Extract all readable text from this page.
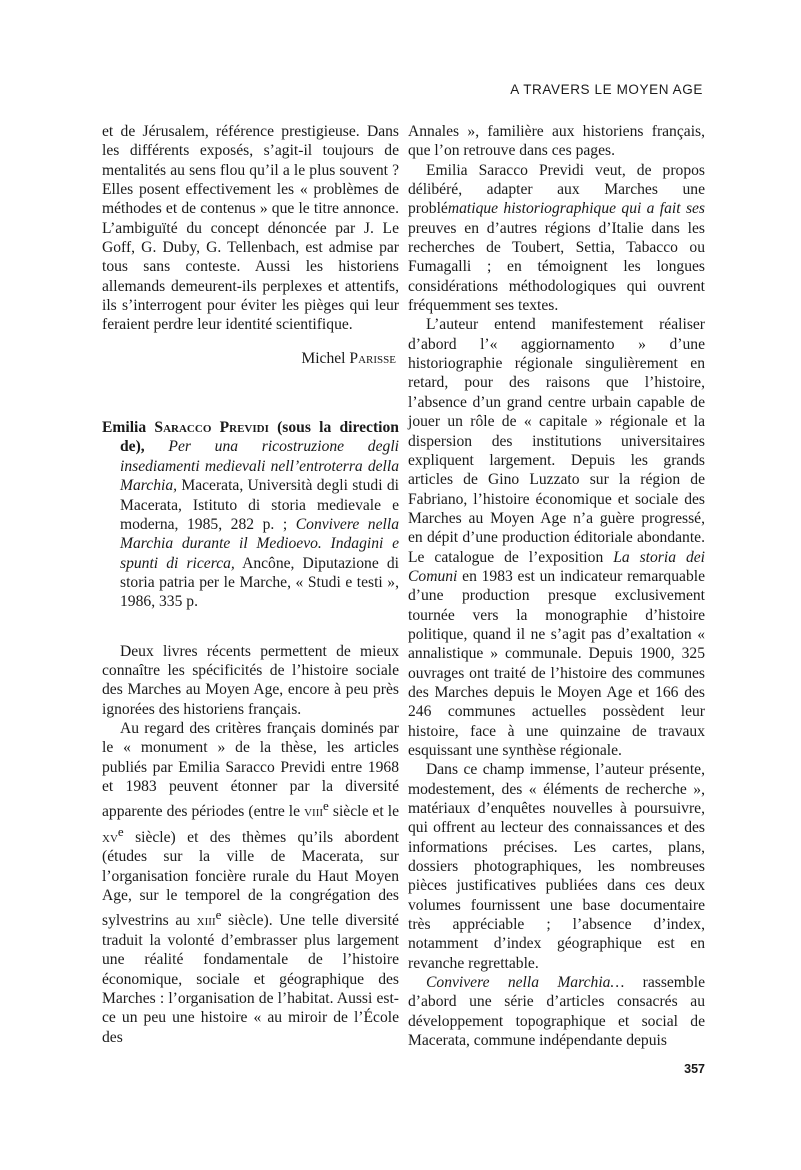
A TRAVERS LE MOYEN AGE

et de Jérusalem, référence prestigieuse. Dans les différents exposés, s’agit-il toujours de mentalités au sens flou qu’il a le plus souvent ? Elles posent effectivement les « problèmes de méthodes et de contenus » que le titre annonce. L’ambiguïté du concept dénoncée par J. Le Goff, G. Duby, G. Tellenbach, est admise par tous sans conteste. Aussi les historiens allemands demeurent-ils perplexes et attentifs, ils s’interrogent pour éviter les pièges qui leur feraient perdre leur identité scientifique.

Michel Parisse

Emilia Saracco Previdi (sous la direction de), Per una ricostruzione degli insediamenti medievali nell’entroterra della Marchia, Macerata, Università degli studi di Macerata, Istituto di storia medievale e moderna, 1985, 282 p. ; Convivere nella Marchia durante il Medioevo. Indagini e spunti di ricerca, Ancône, Diputazione di storia patria per le Marche, « Studi e testi », 1986, 335 p.

Deux livres récents permettent de mieux connaître les spécificités de l’histoire sociale des Marches au Moyen Age, encore à peu près ignorées des historiens français.

Au regard des critères français dominés par le « monument » de la thèse, les articles publiés par Emilia Saracco Previdi entre 1968 et 1983 peuvent étonner par la diversité apparente des périodes (entre le viii$^e$ siècle et le $xv^e$ siècle) et des thèmes qu’ils abordent (études sur la ville de Macerata, sur l’organisation foncière rurale du Haut Moyen Age, sur le temporel de la congrégation des sylvestrins au xiii$^e$ siècle). Une telle diversité traduit la volonté d’embrasser plus largement une réalité fondamentale de l’histoire économique, sociale et géographique des Marches : l’organisation de l’habitat. Aussi est-ce un peu une histoire « au miroir de l’École des

Annales », familière aux historiens français, que l’on retrouve dans ces pages.

Emilia Saracco Previdi veut, de propos délibéré, adapter aux Marches une problématique historiographique qui a fait ses preuves en d’autres régions d’Italie dans les recherches de Toubert, Settia, Tabacco ou Fumagalli ; en témoignent les longues considérations méthodologiques qui ouvrent fréquemment ses textes.

L’auteur entend manifestement réaliser d’abord l’« aggiornamento » d’une historiographie régionale singulièrement en retard, pour des raisons que l’histoire, l’absence d’un grand centre urbain capable de jouer un rôle de « capitale » régionale et la dispersion des institutions universitaires expliquent largement. Depuis les grands articles de Gino Luzzato sur la région de Fabriano, l’histoire économique et sociale des Marches au Moyen Age n’a guère progressé, en dépit d’une production éditoriale abondante. Le catalogue de l’exposition La storia dei Comuni en 1983 est un indicateur remarquable d’une production presque exclusivement tournée vers la monographie d’histoire politique, quand il ne s’agit pas d’exaltation « annalistique » communale. Depuis 1900, 325 ouvrages ont traité de l’histoire des communes des Marches depuis le Moyen Age et 166 des 246 communes actuelles possèdent leur histoire, face à une quinzaine de travaux esquissant une synthèse régionale.

Dans ce champ immense, l’auteur présente, modestement, des « éléments de recherche », matériaux d’enquêtes nouvelles à poursuivre, qui offrent au lecteur des connaissances et des informations précises. Les cartes, plans, dossiers photographiques, les nombreuses pièces justificatives publiées dans ces deux volumes fournissent une base documentaire très appréciable ; l’absence d’index, notamment d’index géographique est en revanche regrettable.

Convivere nella Marchia… rassemble d’abord une série d’articles consacrés au développement topographique et social de Macerata, commune indépendante depuis

357
